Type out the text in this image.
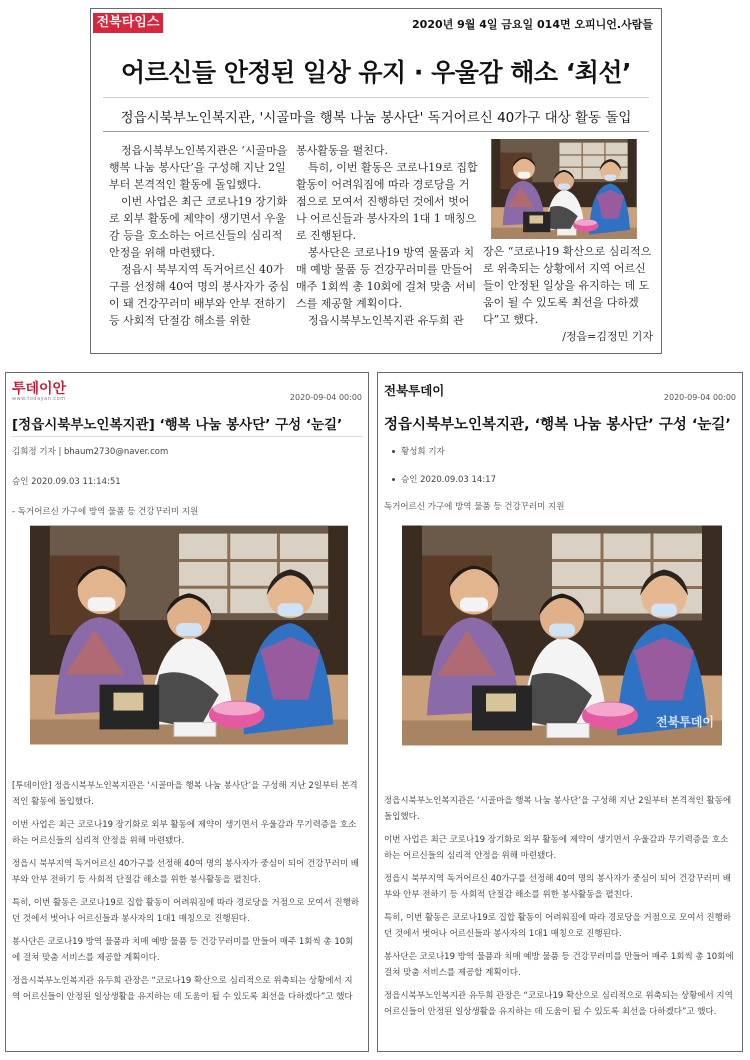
전북타임스	2020년 9월 4일 금요일 014면 오피니언.사람들
어르신들 안정된 일상 유지 · 우울감 해소 ‘최선’
정읍시북부노인복지관, '시골마을 행복 나눔 봉사단' 독거어르신 40가구 대상 활동 돌입

정읍시북부노인복지관은 ‘시골마을 행복 나눔 봉사단’을 구성해 지난 2일부터 본격적인 활동에 돌입했다.

이번 사업은 최근 코로나19 장기화로 외부 활동에 제약이 생기면서 우울감 등을 호소하는 어르신들의 심리적 안정을 위해 마련됐다.

정읍시 북부지역 독거어르신 40가구를 선정해 40여 명의 봉사자가 중심이 돼 건강꾸러미 배부와 안부 전하기 등 사회적 단절감 해소를 위한

봉사활동을 펼친다.

특히, 이번 활동은 코로나19로 집합 활동이 어려워짐에 따라 경로당을 거점으로 모여서 진행하던 것에서 벗어나 어르신들과 봉사자의 1대 1 매칭으로 진행된다.

봉사단은 코로나19 방역 물품과 치매 예방 물품 등 건강꾸러미를 만들어 매주 1회씩 총 10회에 걸쳐 맞춤 서비스를 제공할 계획이다.

정읍시북부노인복지관 유두희 관

장은 “코로나19 확산으로 심리적으로 위축되는 상황에서 지역 어르신들이 안정된 일상을 유지하는 데 도움이 될 수 있도록 최선을 다하겠다”고 했다.

/정읍=김정민 기자

투데이안
www.todayan.com	2020-09-04 00:00
[정읍시북부노인복지관] ‘행복 나눔 봉사단’ 구성 ‘눈길’
김희정 기자 | bhaum2730@naver.com
승인 2020.09.03 11:14:51
- 독거어르신 가구에 방역 물품 등 건강꾸러미 지원

[투데이안] 정읍시북부노인복지관은 ‘시골마을 행복 나눔 봉사단’을 구성해 지난 2일부터 본격적인 활동에 돌입했다.

이번 사업은 최근 코로나19 장기화로 외부 활동에 제약이 생기면서 우울감과 무기력증을 호소하는 어르신들의 심리적 안정을 위해 마련됐다.

정읍시 북부지역 독거어르신 40가구를 선정해 40여 명의 봉사자가 중심이 되어 건강꾸러미 배부와 안부 전하기 등 사회적 단절감 해소를 위한 봉사활동을 펼친다.

특히, 이번 활동은 코로나19로 집합 활동이 어려워짐에 따라 경로당을 거점으로 모여서 진행하던 것에서 벗어나 어르신들과 봉사자의 1대1 매칭으로 진행된다.

봉사단은 코로나19 방역 물품과 치매 예방 물품 등 건강꾸러미를 만들어 매주 1회씩 총 10회에 걸쳐 맞춤 서비스를 제공할 계획이다.

정읍시북부노인복지관 유두희 관장은 “코로나19 확산으로 심리적으로 위축되는 상황에서 지역 어르신들이 안정된 일상생활을 유지하는 데 도움이 될 수 있도록 최선을 다하겠다”고 했다

전북투데이	2020-09-04 00:00
정읍시북부노인복지관, ‘행복 나눔 봉사단’ 구성 ‘눈길’
황성희 기자
승인 2020.09.03 14:17
독거어르신 가구에 방역 물품 등 건강꾸러미 지원
전북투데이

정읍시북부노인복지관은 ‘시골마을 행복 나눔 봉사단’을 구성해 지난 2일부터 본격적인 활동에 돌입했다.

이번 사업은 최근 코로나19 장기화로 외부 활동에 제약이 생기면서 우울감과 무기력증을 호소하는 어르신들의 심리적 안정을 위해 마련됐다.

정읍시 북부지역 독거어르신 40가구를 선정해 40여 명의 봉사자가 중심이 되어 건강꾸러미 배부와 안부 전하기 등 사회적 단절감 해소를 위한 봉사활동을 펼친다.

특히, 이번 활동은 코로나19로 집합 활동이 어려워짐에 따라 경로당을 거점으로 모여서 진행하던 것에서 벗어나 어르신들과 봉사자의 1대1 매칭으로 진행된다.

봉사단은 코로나19 방역 물품과 치매 예방 물품 등 건강꾸러미를 만들어 매주 1회씩 총 10회에 걸쳐 맞춤 서비스를 제공할 계획이다.

정읍시북부노인복지관 유두희 관장은 “코로나19 확산으로 심리적으로 위축되는 상황에서 지역 어르신들이 안정된 일상생활을 유지하는 데 도움이 될 수 있도록 최선을 다하겠다”고 했다.
